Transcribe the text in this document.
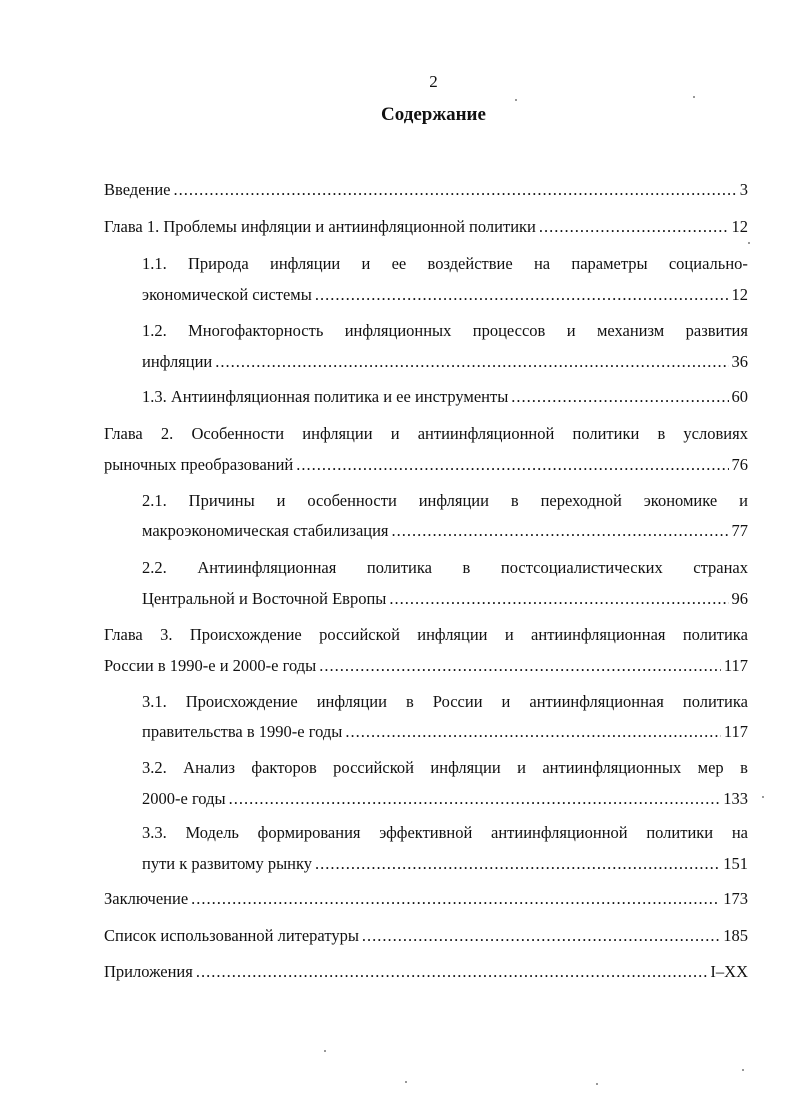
2
Содержание
Введение .....	3
Глава 1. Проблемы инфляции и антиинфляционной политики .....	12
1.1. Природа инфляции и ее воздействие на параметры социально-
экономической системы .....	12
1.2. Многофакторность инфляционных процессов и механизм развития
инфляции .....	36
1.3. Антиинфляционная политика и ее инструменты .....	60
Глава 2. Особенности инфляции и антиинфляционной политики в условиях
рыночных преобразований .....	76
2.1. Причины и особенности инфляции в переходной экономике и
макроэкономическая стабилизация .....	77
2.2. Антиинфляционная политика в постсоциалистических странах
Центральной и Восточной Европы .....	96
Глава 3. Происхождение российской инфляции и антиинфляционная политика
России в 1990-е и 2000-е годы .....	117
3.1. Происхождение инфляции в России и антиинфляционная политика
правительства в 1990-е годы .....	117
3.2. Анализ факторов российской инфляции и антиинфляционных мер в
2000-е годы .....	133
3.3. Модель формирования эффективной антиинфляционной политики на
пути к развитому рынку .....	151
Заключение .....	173
Список использованной литературы .....	185
Приложения .....	I–XX
